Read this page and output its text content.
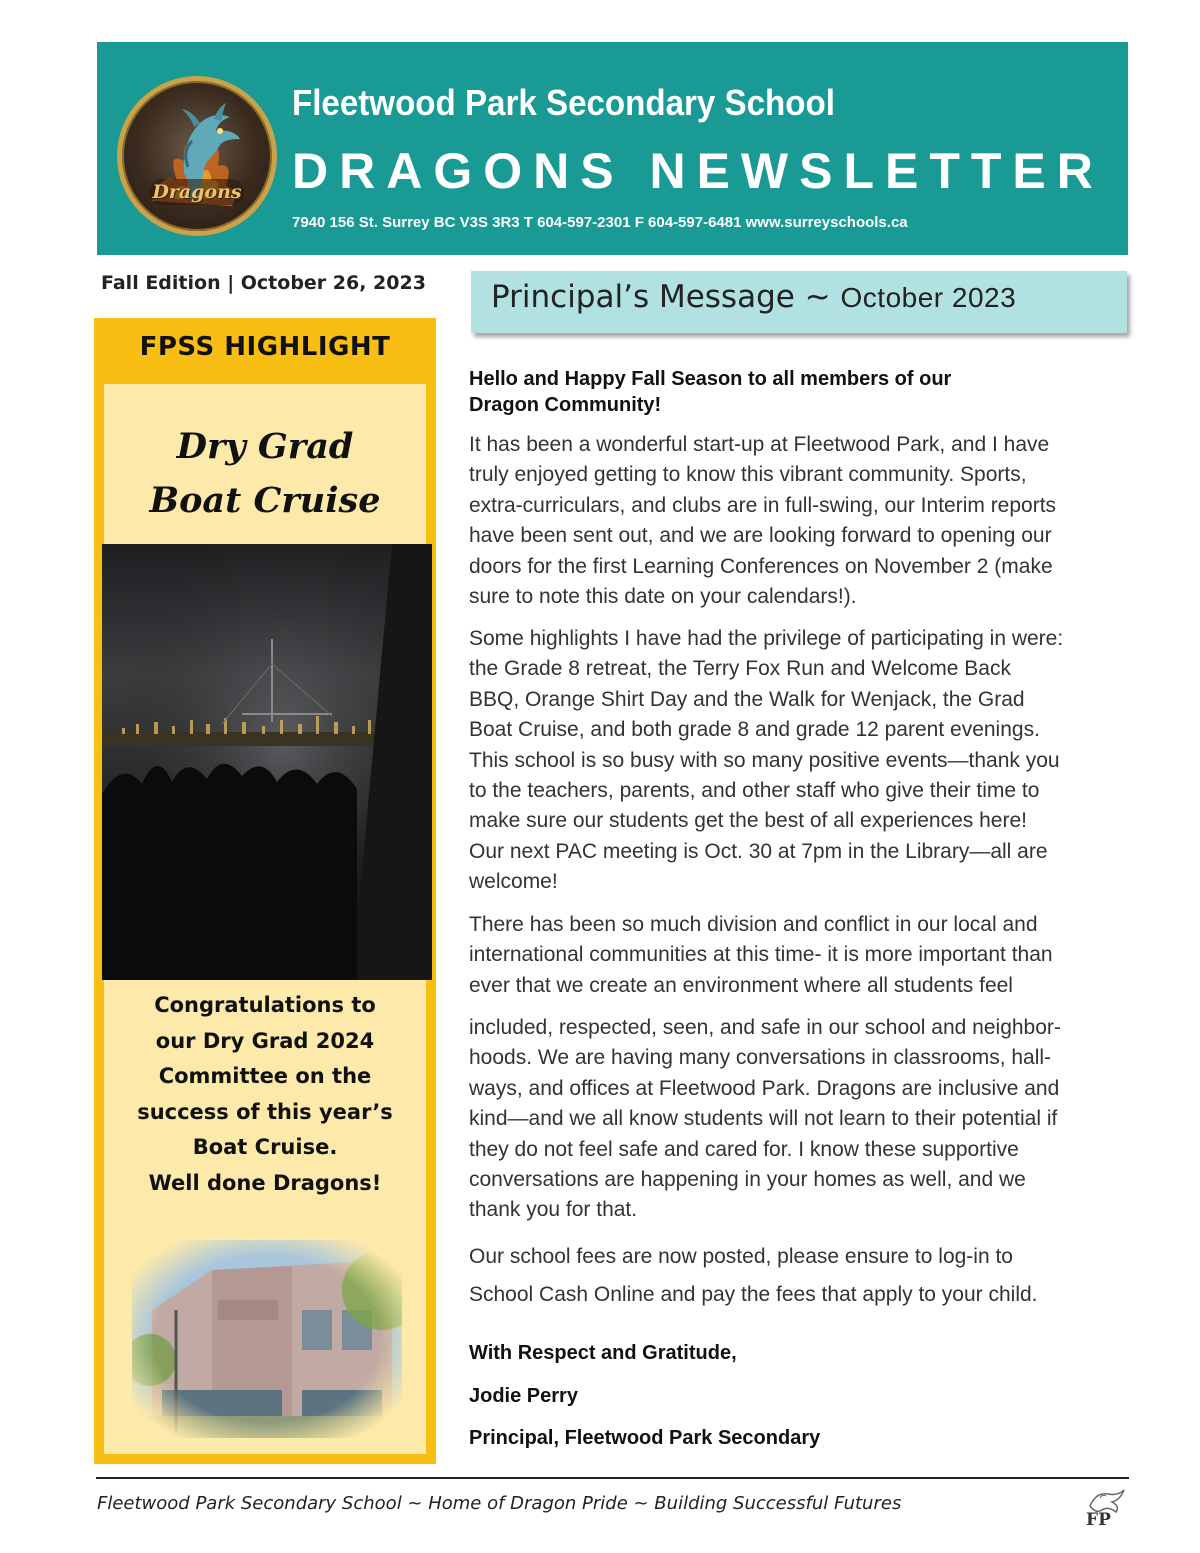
Dragons
Fleetwood Park Secondary School
DRAGONS NEWSLETTER
7940 156 St. Surrey BC V3S 3R3 T 604-597-2301 F 604-597-6481 www.surreyschools.ca
Fall Edition | October 26, 2023
FPSS HIGHLIGHT
Dry Grad
Boat Cruise
Congratulations to
our Dry Grad 2024
Committee on the
success of this year’s
Boat Cruise.
Well done Dragons!
Principal’s Message ~ October 2023
Hello and Happy Fall Season to all members of our
Dragon Community!
It has been a wonderful start-up at Fleetwood Park, and I have
truly enjoyed getting to know this vibrant community. Sports,
extra-curriculars, and clubs are in full-swing, our Interim reports
have been sent out, and we are looking forward to opening our
doors for the first Learning Conferences on November 2 (make
sure to note this date on your calendars!).
Some highlights I have had the privilege of participating in were:
the Grade 8 retreat, the Terry Fox Run and Welcome Back
BBQ, Orange Shirt Day and the Walk for Wenjack, the Grad
Boat Cruise, and both grade 8 and grade 12 parent evenings.
This school is so busy with so many positive events—thank you
to the teachers, parents, and other staff who give their time to
make sure our students get the best of all experiences here!
Our next PAC meeting is Oct. 30 at 7pm in the Library—all are
welcome!
There has been so much division and conflict in our local and
international communities at this time- it is more important than
ever that we create an environment where all students feel
included, respected, seen, and safe in our school and neighbor-
hoods. We are having many conversations in classrooms, hall-
ways, and offices at Fleetwood Park. Dragons are inclusive and
kind—and we all know students will not learn to their potential if
they do not feel safe and cared for. I know these supportive
conversations are happening in your homes as well, and we
thank you for that.
Our school fees are now posted, please ensure to log-in to
School Cash Online and pay the fees that apply to your child.
With Respect and Gratitude,
Jodie Perry
Principal, Fleetwood Park Secondary
Fleetwood Park Secondary School ~ Home of Dragon Pride ~ Building Successful Futures
FP
